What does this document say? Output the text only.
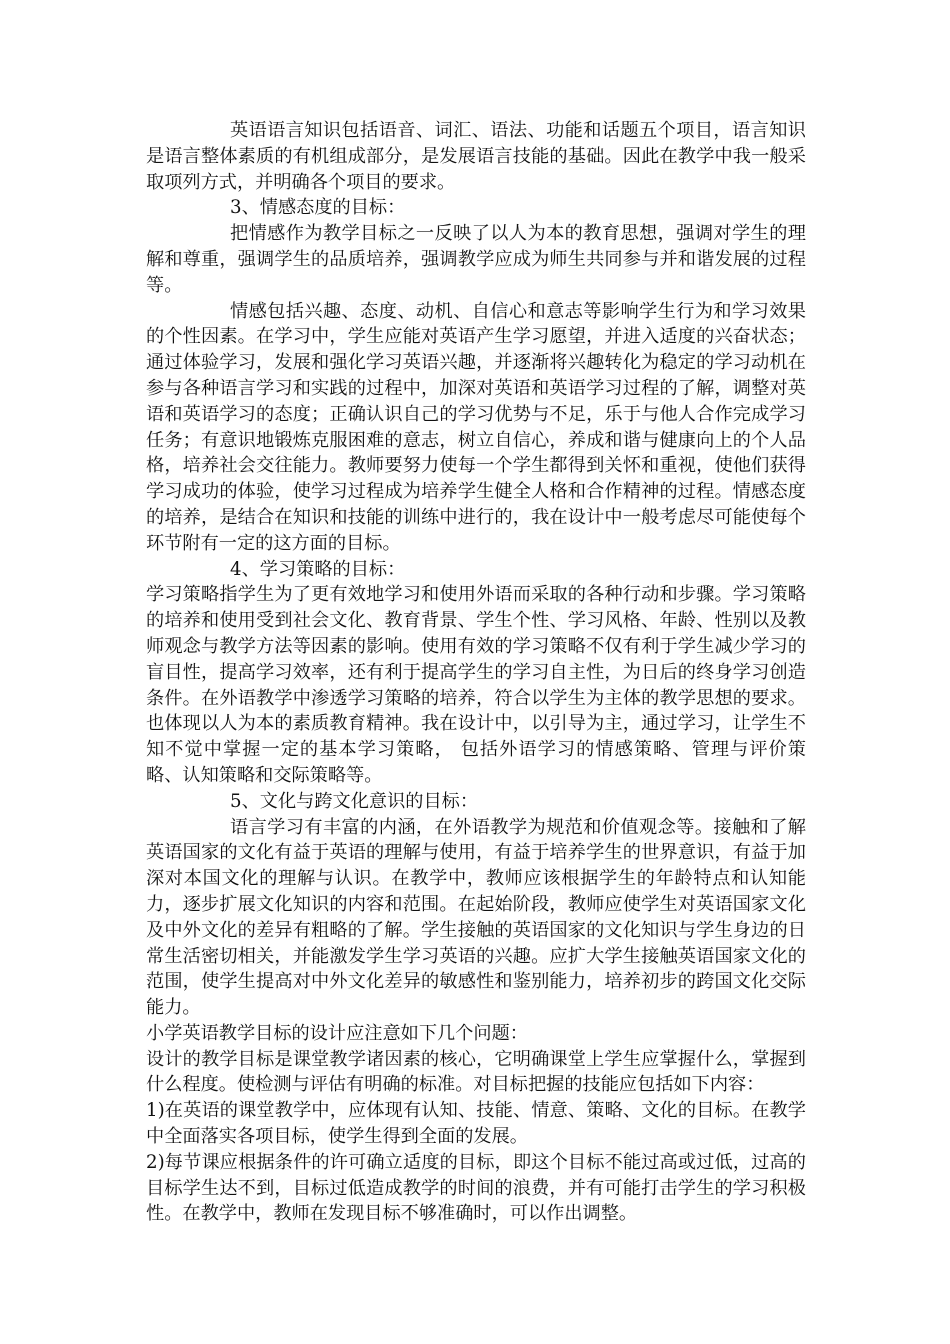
英语语言知识包括语音、词汇、语法、功能和话题五个项目，语言知识是语言整体素质的有机组成部分，是发展语言技能的基础。因此在教学中我一般采取项列方式，并明确各个项目的要求。

3、情感态度的目标：

把情感作为教学目标之一反映了以人为本的教育思想，强调对学生的理解和尊重，强调学生的品质培养，强调教学应成为师生共同参与并和谐发展的过程等。

情感包括兴趣、态度、动机、自信心和意志等影响学生行为和学习效果的个性因素。在学习中，学生应能对英语产生学习愿望，并进入适度的兴奋状态；通过体验学习，发展和强化学习英语兴趣，并逐渐将兴趣转化为稳定的学习动机在参与各种语言学习和实践的过程中，加深对英语和英语学习过程的了解，调整对英语和英语学习的态度；正确认识自己的学习优势与不足，乐于与他人合作完成学习任务；有意识地锻炼克服困难的意志，树立自信心，养成和谐与健康向上的个人品格，培养社会交往能力。教师要努力使每一个学生都得到关怀和重视，使他们获得学习成功的体验，使学习过程成为培养学生健全人格和合作精神的过程。情感态度的培养，是结合在知识和技能的训练中进行的，我在设计中一般考虑尽可能使每个环节附有一定的这方面的目标。

4、学习策略的目标：

学习策略指学生为了更有效地学习和使用外语而采取的各种行动和步骤。学习策略的培养和使用受到社会文化、教育背景、学生个性、学习风格、年龄、性别以及教师观念与教学方法等因素的影响。使用有效的学习策略不仅有利于学生减少学习的盲目性，提高学习效率，还有利于提高学生的学习自主性，为日后的终身学习创造条件。在外语教学中渗透学习策略的培养，符合以学生为主体的教学思想的要求。也体现以人为本的素质教育精神。我在设计中，以引导为主，通过学习，让学生不知不觉中掌握一定的基本学习策略， 包括外语学习的情感策略、管理与评价策略、认知策略和交际策略等。

5、文化与跨文化意识的目标：

语言学习有丰富的内涵，在外语教学为规范和价值观念等。接触和了解英语国家的文化有益于英语的理解与使用，有益于培养学生的世界意识，有益于加深对本国文化的理解与认识。在教学中，教师应该根据学生的年龄特点和认知能力，逐步扩展文化知识的内容和范围。在起始阶段，教师应使学生对英语国家文化及中外文化的差异有粗略的了解。学生接触的英语国家的文化知识与学生身边的日常生活密切相关，并能激发学生学习英语的兴趣。应扩大学生接触英语国家文化的范围，使学生提高对中外文化差异的敏感性和鉴别能力，培养初步的跨国文化交际能力。

小学英语教学目标的设计应注意如下几个问题：

设计的教学目标是课堂教学诸因素的核心，它明确课堂上学生应掌握什么，掌握到什么程度。使检测与评估有明确的标准。对目标把握的技能应包括如下内容：

1)在英语的课堂教学中，应体现有认知、技能、情意、策略、文化的目标。在教学中全面落实各项目标，使学生得到全面的发展。

2)每节课应根据条件的许可确立适度的目标，即这个目标不能过高或过低，过高的目标学生达不到，目标过低造成教学的时间的浪费，并有可能打击学生的学习积极性。在教学中，教师在发现目标不够准确时，可以作出调整。
